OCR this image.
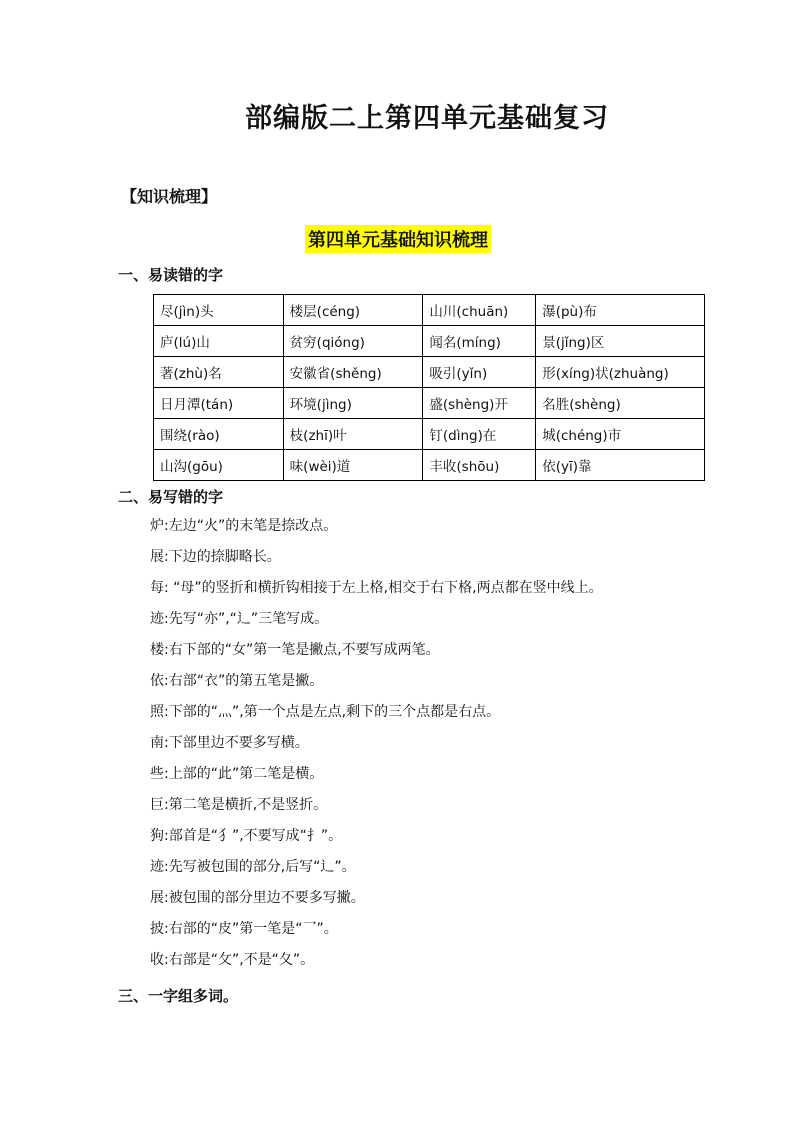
部编版二上第四单元基础复习
【知识梳理】
第四单元基础知识梳理
一、易读错的字
尽(jìn)头	楼层(céng)	山川(chuān)	瀑(pù)布
庐(lú)山	贫穷(qióng)	闻名(míng)	景(jǐng)区
著(zhù)名	安徽省(shěng)	吸引(yǐn)	形(xíng)状(zhuàng)
日月潭(tán)	环境(jìng)	盛(shèng)开	名胜(shèng)
围绕(rào)	枝(zhī)叶	钉(dìng)在	城(chéng)市
山沟(gōu)	味(wèi)道	丰收(shōu)	依(yī)靠
二、易写错的字
炉:左边“火”的末笔是捺改点。
展:下边的捺脚略长。
每: “母”的竖折和横折钩相接于左上格,相交于右下格,两点都在竖中线上。
迹:先写“亦”,“辶”三笔写成。
楼:右下部的“女”第一笔是撇点,不要写成两笔。
依:右部“衣”的第五笔是撇。
照:下部的“灬”,第一个点是左点,剩下的三个点都是右点。
南:下部里边不要多写横。
些:上部的“此”第二笔是横。
巨:第二笔是横折,不是竖折。
狗:部首是“犭”,不要写成“扌”。
迹:先写被包围的部分,后写“辶”。
展:被包围的部分里边不要多写撇。
披:右部的“皮”第一笔是“乛”。
收:右部是“攵”,不是“夂”。
三、一字组多词。
